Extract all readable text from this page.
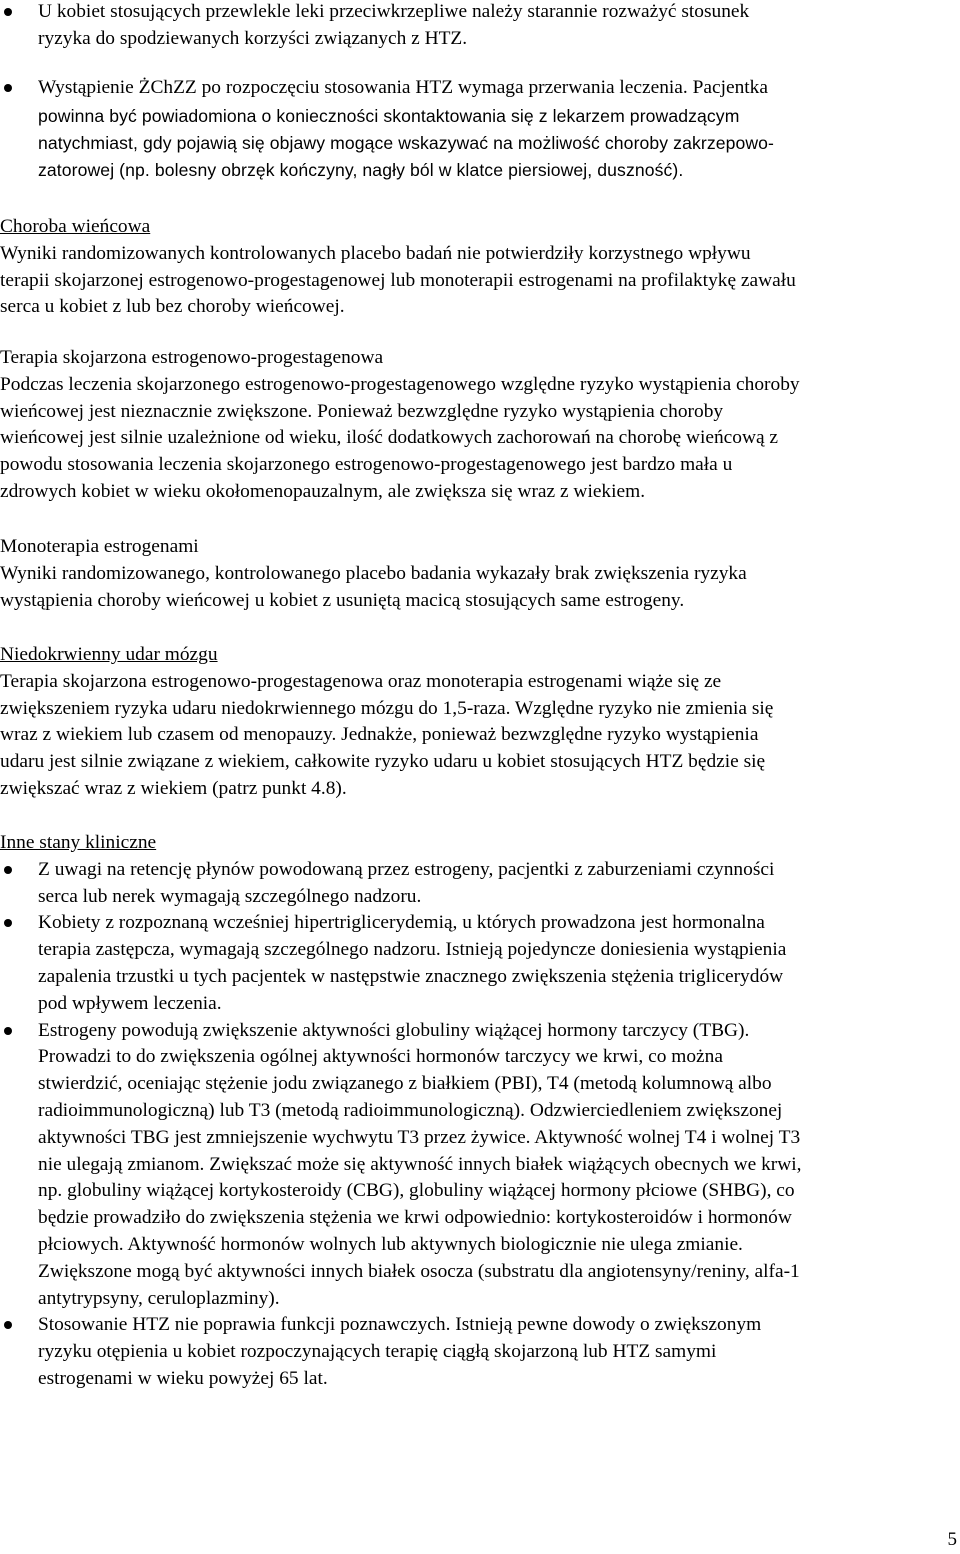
U kobiet stosujących przewlekle leki przeciwkrzepliwe należy starannie rozważyć stosunek
ryzyka do spodziewanych korzyści związanych z HTZ.
Wystąpienie ŻChZZ po rozpoczęciu stosowania HTZ wymaga przerwania leczenia. Pacjentka
powinna być powiadomiona o konieczności skontaktowania się z lekarzem prowadzącym
natychmiast, gdy pojawią się objawy mogące wskazywać na możliwość choroby zakrzepowo-
zatorowej (np. bolesny obrzęk kończyny, nagły ból w klatce piersiowej, duszność).
Choroba wieńcowa
Wyniki randomizowanych kontrolowanych placebo badań nie potwierdziły korzystnego wpływu
terapii skojarzonej estrogenowo-progestagenowej lub monoterapii estrogenami na profilaktykę zawału
serca u kobiet z lub bez choroby wieńcowej.
Terapia skojarzona estrogenowo-progestagenowa
Podczas leczenia skojarzonego estrogenowo-progestagenowego względne ryzyko wystąpienia choroby
wieńcowej jest nieznacznie zwiększone. Ponieważ bezwzględne ryzyko wystąpienia choroby
wieńcowej jest silnie uzależnione od wieku, ilość dodatkowych zachorowań na chorobę wieńcową z
powodu stosowania leczenia skojarzonego estrogenowo-progestagenowego jest bardzo mała u
zdrowych kobiet w wieku okołomenopauzalnym, ale zwiększa się wraz z wiekiem.
Monoterapia estrogenami
Wyniki randomizowanego, kontrolowanego placebo badania wykazały brak zwiększenia ryzyka
wystąpienia choroby wieńcowej u kobiet z usuniętą macicą stosujących same estrogeny.
Niedokrwienny udar mózgu
Terapia skojarzona estrogenowo-progestagenowa oraz monoterapia estrogenami wiąże się ze
zwiększeniem ryzyka udaru niedokrwiennego mózgu do 1,5-raza. Względne ryzyko nie zmienia się
wraz z wiekiem lub czasem od menopauzy. Jednakże, ponieważ bezwzględne ryzyko wystąpienia
udaru jest silnie związane z wiekiem, całkowite ryzyko udaru u kobiet stosujących HTZ będzie się
zwiększać wraz z wiekiem (patrz punkt 4.8).
Inne stany kliniczne
Z uwagi na retencję płynów powodowaną przez estrogeny, pacjentki z zaburzeniami czynności
serca lub nerek wymagają szczególnego nadzoru.
Kobiety z rozpoznaną wcześniej hipertriglicerydemią, u których prowadzona jest hormonalna
terapia zastępcza, wymagają szczególnego nadzoru. Istnieją pojedyncze doniesienia wystąpienia
zapalenia trzustki u tych pacjentek w następstwie znacznego zwiększenia stężenia triglicerydów
pod wpływem leczenia.
Estrogeny powodują zwiększenie aktywności globuliny wiążącej hormony tarczycy (TBG).
Prowadzi to do zwiększenia ogólnej aktywności hormonów tarczycy we krwi, co można
stwierdzić, oceniając stężenie jodu związanego z białkiem (PBI), T4 (metodą kolumnową albo
radioimmunologiczną) lub T3 (metodą radioimmunologiczną). Odzwierciedleniem zwiększonej
aktywności TBG jest zmniejszenie wychwytu T3 przez żywice. Aktywność wolnej T4 i wolnej T3
nie ulegają zmianom. Zwiększać może się aktywność innych białek wiążących obecnych we krwi,
np. globuliny wiążącej kortykosteroidy (CBG), globuliny wiążącej hormony płciowe (SHBG), co
będzie prowadziło do zwiększenia stężenia we krwi odpowiednio: kortykosteroidów i hormonów
płciowych. Aktywność hormonów wolnych lub aktywnych biologicznie nie ulega zmianie.
Zwiększone mogą być aktywności innych białek osocza (substratu dla angiotensyny/reniny, alfa-1
antytrypsyny, ceruloplazminy).
Stosowanie HTZ nie poprawia funkcji poznawczych. Istnieją pewne dowody o zwiększonym
ryzyku otępienia u kobiet rozpoczynających terapię ciągłą skojarzoną lub HTZ samymi
estrogenami w wieku powyżej 65 lat.
5
